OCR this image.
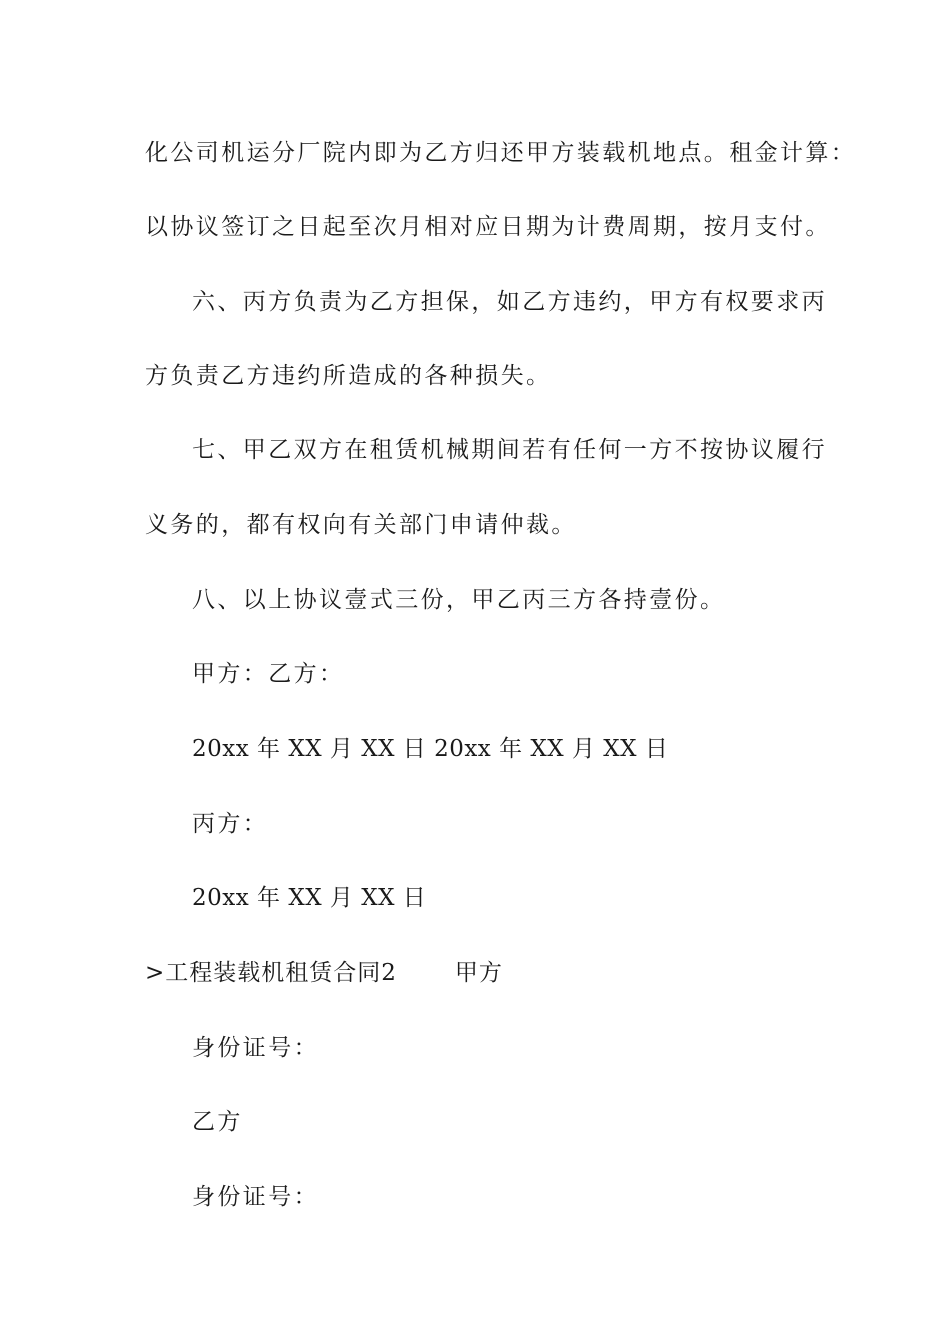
化公司机运分厂院内即为乙方归还甲方装载机地点。租金计算：
以协议签订之日起至次月相对应日期为计费周期，按月支付。
六、丙方负责为乙方担保，如乙方违约，甲方有权要求丙
方负责乙方违约所造成的各种损失。
七、甲乙双方在租赁机械期间若有任何一方不按协议履行
义务的，都有权向有关部门申请仲裁。
八、以上协议壹式三份，甲乙丙三方各持壹份。
甲方：乙方：
20xx 年 XX 月 XX 日 20xx 年 XX 月 XX 日
丙方：
20xx 年 XX 月 XX 日
>工程装载机租赁合同2	甲方
身份证号：
乙方
身份证号：
